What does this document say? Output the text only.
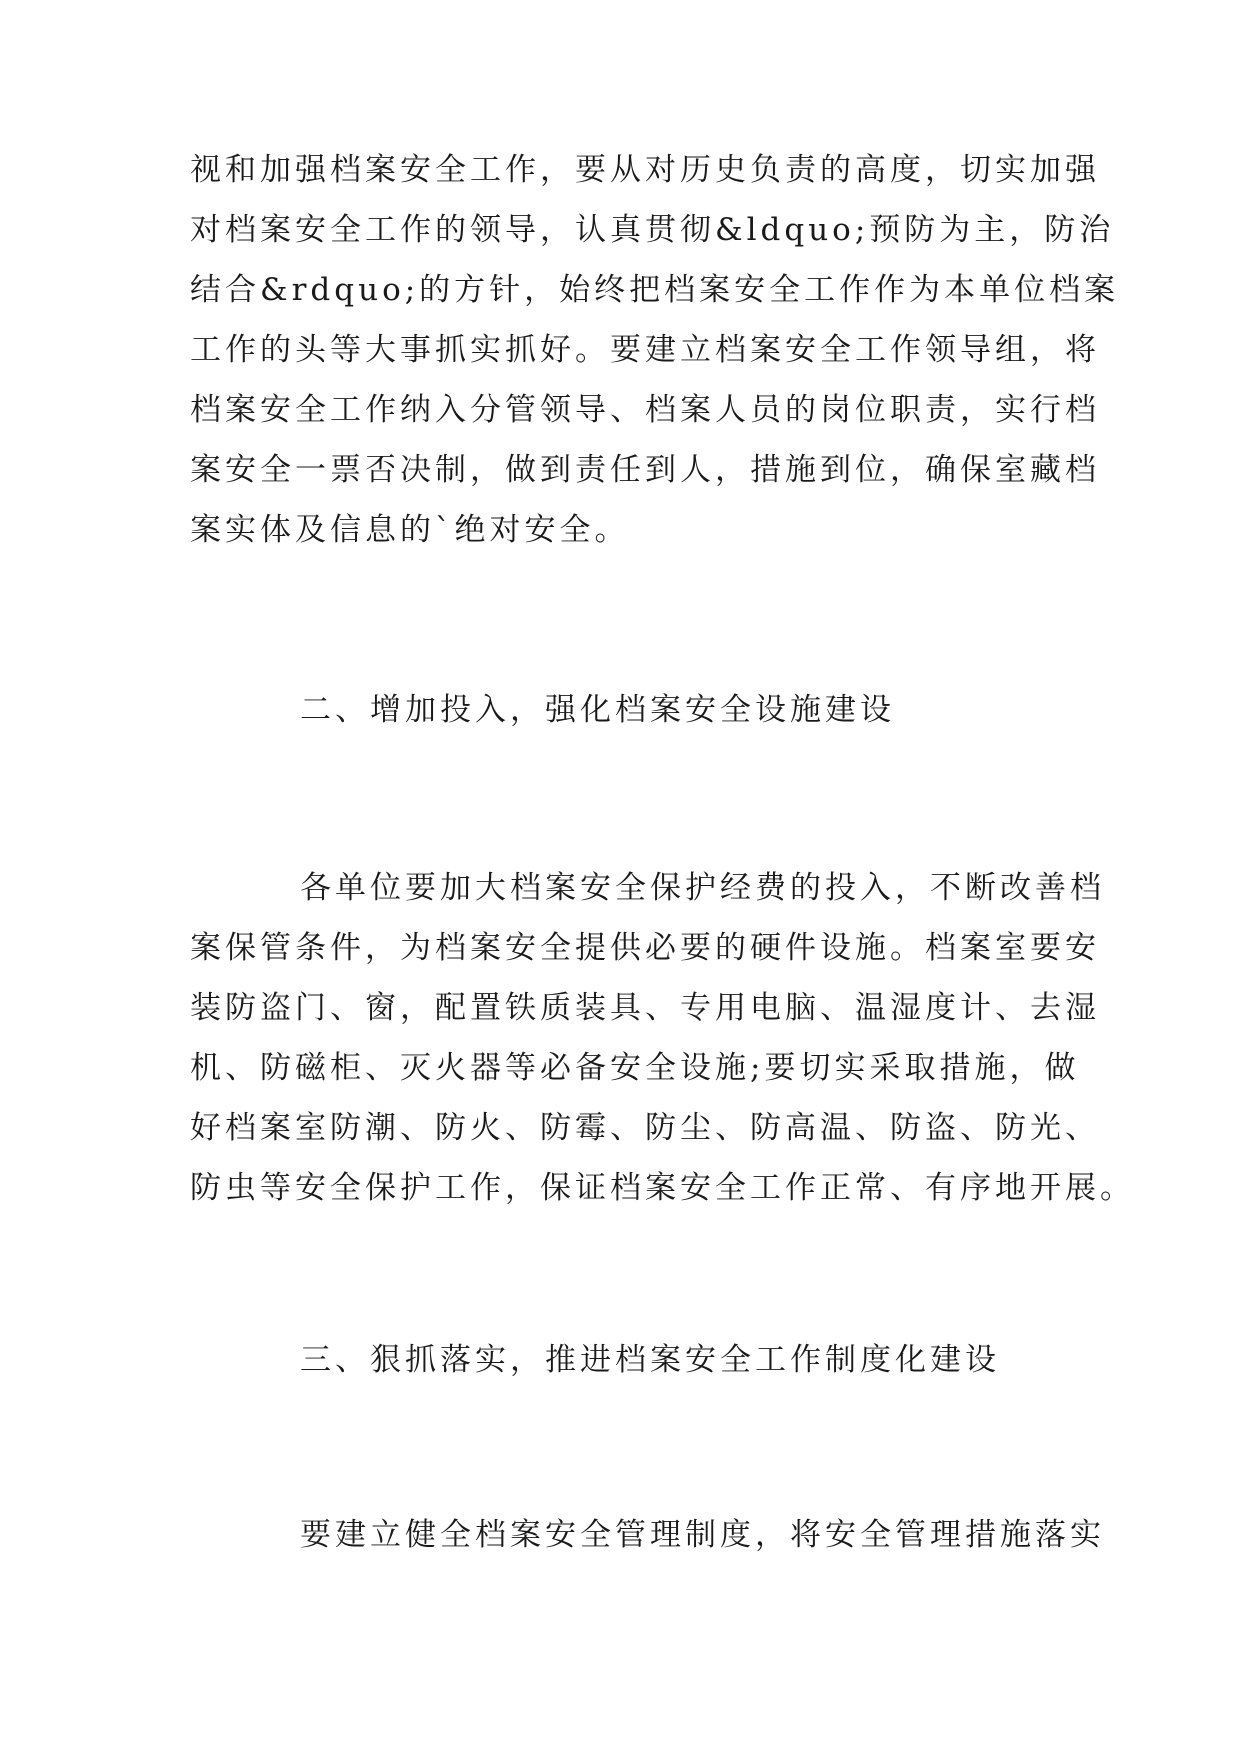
视和加强档案安全工作，要从对历史负责的高度，切实加强
对档案安全工作的领导，认真贯彻&ldquo;预防为主，防治
结合&rdquo;的方针，始终把档案安全工作作为本单位档案
工作的头等大事抓实抓好。要建立档案安全工作领导组，将
档案安全工作纳入分管领导、档案人员的岗位职责，实行档
案安全一票否决制，做到责任到人，措施到位，确保室藏档
案实体及信息的`绝对安全。
二、增加投入，强化档案安全设施建设
各单位要加大档案安全保护经费的投入，不断改善档
案保管条件，为档案安全提供必要的硬件设施。档案室要安
装防盗门、窗，配置铁质装具、专用电脑、温湿度计、去湿
机、防磁柜、灭火器等必备安全设施;要切实采取措施，做
好档案室防潮、防火、防霉、防尘、防高温、防盗、防光、
防虫等安全保护工作，保证档案安全工作正常、有序地开展。
三、狠抓落实，推进档案安全工作制度化建设
要建立健全档案安全管理制度，将安全管理措施落实
